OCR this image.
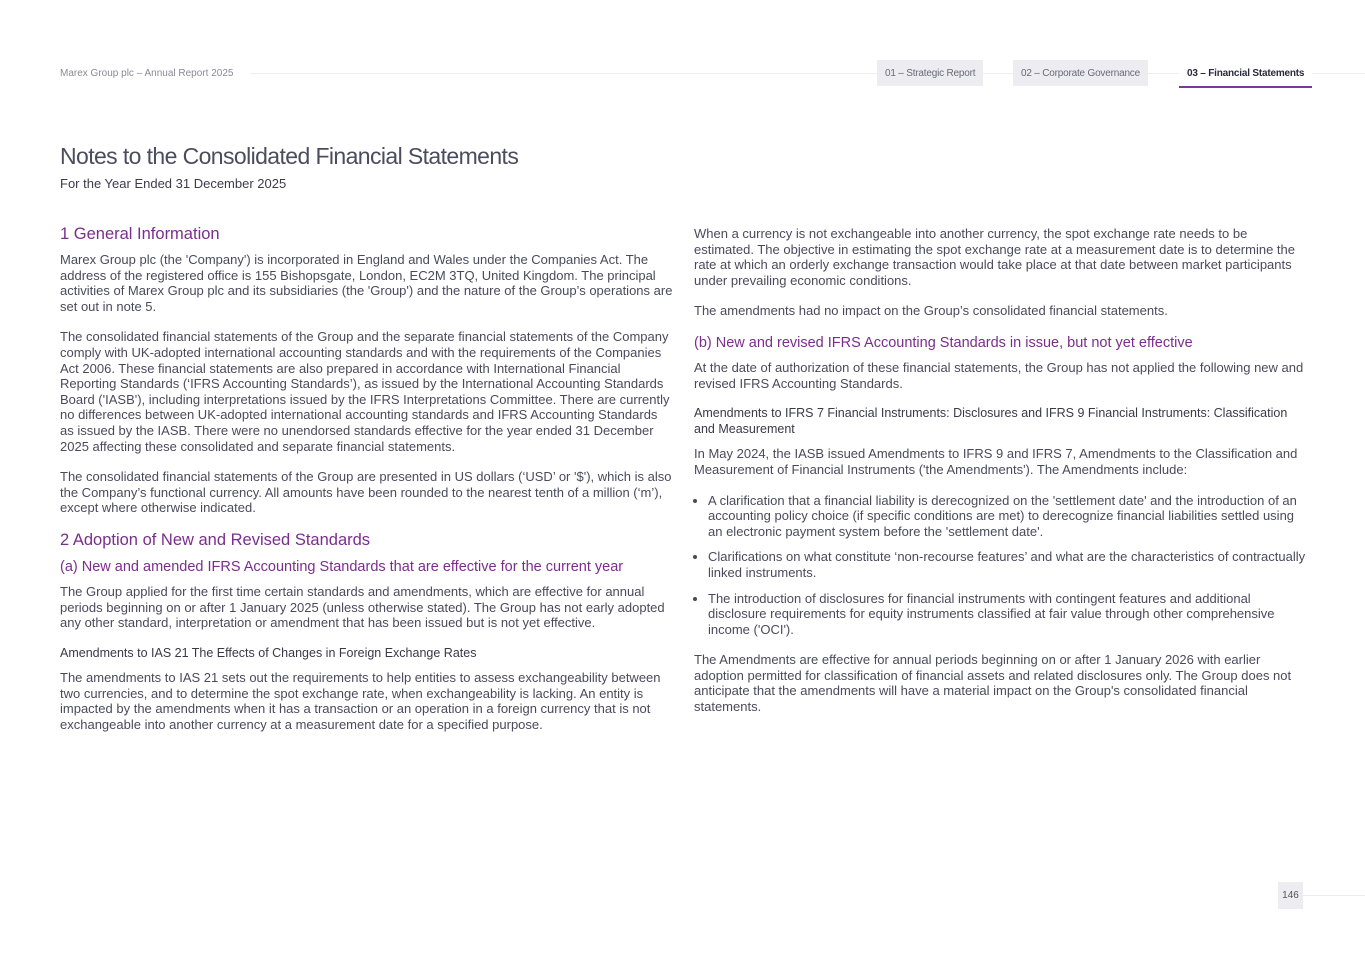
Marex Group plc – Annual Report 2025	01 – Strategic Report	02 – Corporate Governance	03 – Financial Statements
Notes to the Consolidated Financial Statements
For the Year Ended 31 December 2025
1 General Information

Marex Group plc (the 'Company') is incorporated in England and Wales under the Companies Act. The address of the registered office is 155 Bishopsgate, London, EC2M 3TQ, United Kingdom. The principal activities of Marex Group plc and its subsidiaries (the 'Group') and the nature of the Group’s operations are set out in note 5.

The consolidated financial statements of the Group and the separate financial statements of the Company comply with UK-adopted international accounting standards and with the requirements of the Companies Act 2006. These financial statements are also prepared in accordance with International Financial Reporting Standards (‘IFRS Accounting Standards’), as issued by the International Accounting Standards Board ('IASB'), including interpretations issued by the IFRS Interpretations Committee. There are currently no differences between UK-adopted international accounting standards and IFRS Accounting Standards as issued by the IASB. There were no unendorsed standards effective for the year ended 31 December 2025 affecting these consolidated and separate financial statements.

The consolidated financial statements of the Group are presented in US dollars (‘USD’ or '$'), which is also the Company’s functional currency. All amounts have been rounded to the nearest tenth of a million (‘m’), except where otherwise indicated.

2 Adoption of New and Revised Standards
(a) New and amended IFRS Accounting Standards that are effective for the current year

The Group applied for the first time certain standards and amendments, which are effective for annual periods beginning on or after 1 January 2025 (unless otherwise stated). The Group has not early adopted any other standard, interpretation or amendment that has been issued but is not yet effective.

Amendments to IAS 21 The Effects of Changes in Foreign Exchange Rates

The amendments to IAS 21 sets out the requirements to help entities to assess exchangeability between two currencies, and to determine the spot exchange rate, when exchangeability is lacking. An entity is impacted by the amendments when it has a transaction or an operation in a foreign currency that is not exchangeable into another currency at a measurement date for a specified purpose.

When a currency is not exchangeable into another currency, the spot exchange rate needs to be estimated. The objective in estimating the spot exchange rate at a measurement date is to determine the rate at which an orderly exchange transaction would take place at that date between market participants under prevailing economic conditions.

The amendments had no impact on the Group’s consolidated financial statements.

(b) New and revised IFRS Accounting Standards in issue, but not yet effective

At the date of authorization of these financial statements, the Group has not applied the following new and revised IFRS Accounting Standards.

Amendments to IFRS 7 Financial Instruments: Disclosures and IFRS 9 Financial Instruments: Classification and Measurement

In May 2024, the IASB issued Amendments to IFRS 9 and IFRS 7, Amendments to the Classification and Measurement of Financial Instruments ('the Amendments'). The Amendments include:

• A clarification that a financial liability is derecognized on the 'settlement date' and the introduction of an accounting policy choice (if specific conditions are met) to derecognize financial liabilities settled using an electronic payment system before the 'settlement date'.
• Clarifications on what constitute ‘non-recourse features’ and what are the characteristics of contractually linked instruments.
• The introduction of disclosures for financial instruments with contingent features and additional disclosure requirements for equity instruments classified at fair value through other comprehensive income ('OCI').

The Amendments are effective for annual periods beginning on or after 1 January 2026 with earlier adoption permitted for classification of financial assets and related disclosures only. The Group does not anticipate that the amendments will have a material impact on the Group's consolidated financial statements.

146
